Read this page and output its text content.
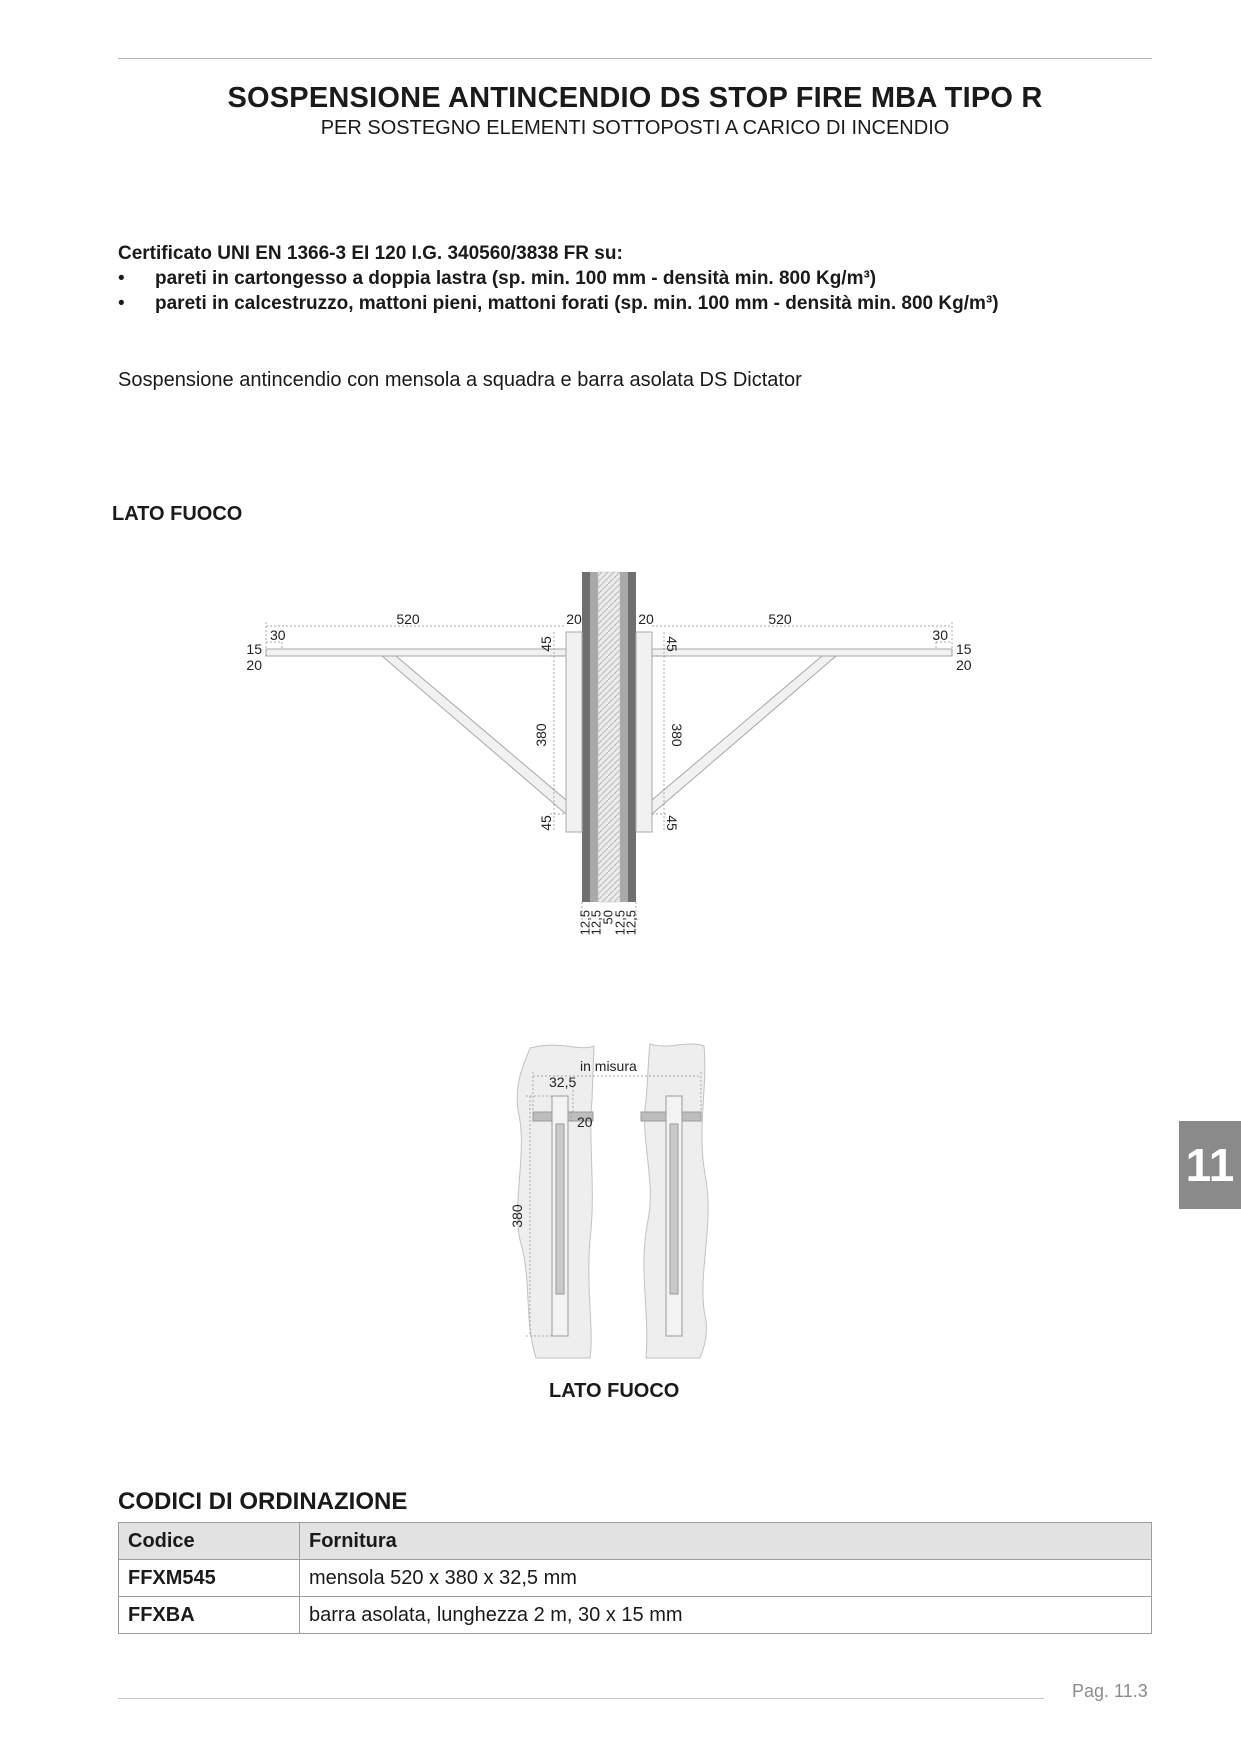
SOSPENSIONE ANTINCENDIO DS STOP FIRE MBA TIPO R
PER SOSTEGNO ELEMENTI SOTTOPOSTI A CARICO DI INCENDIO
Certificato UNI EN 1366-3 EI 120 I.G. 340560/3838 FR su:
• pareti in cartongesso a doppia lastra (sp. min. 100 mm - densità min. 800 Kg/m³)
• pareti in calcestruzzo, mattoni pieni, mattoni forati (sp. min. 100 mm - densità min. 800 Kg/m³)
Sospensione antincendio con mensola a squadra e barra asolata DS Dictator
LATO FUOCO
520	20	20	520
30	30
15
20
15
20
45	45
380	380
45	45
12,5
12,5
50
12,5
12,5
in misura
32,5
20
380
LATO FUOCO
CODICI DI ORDINAZIONE
Codice	Fornitura
FFXM545	mensola 520 x 380 x 32,5 mm
FFXBA	barra asolata, lunghezza 2 m, 30 x 15 mm
11
Pag. 11.3
